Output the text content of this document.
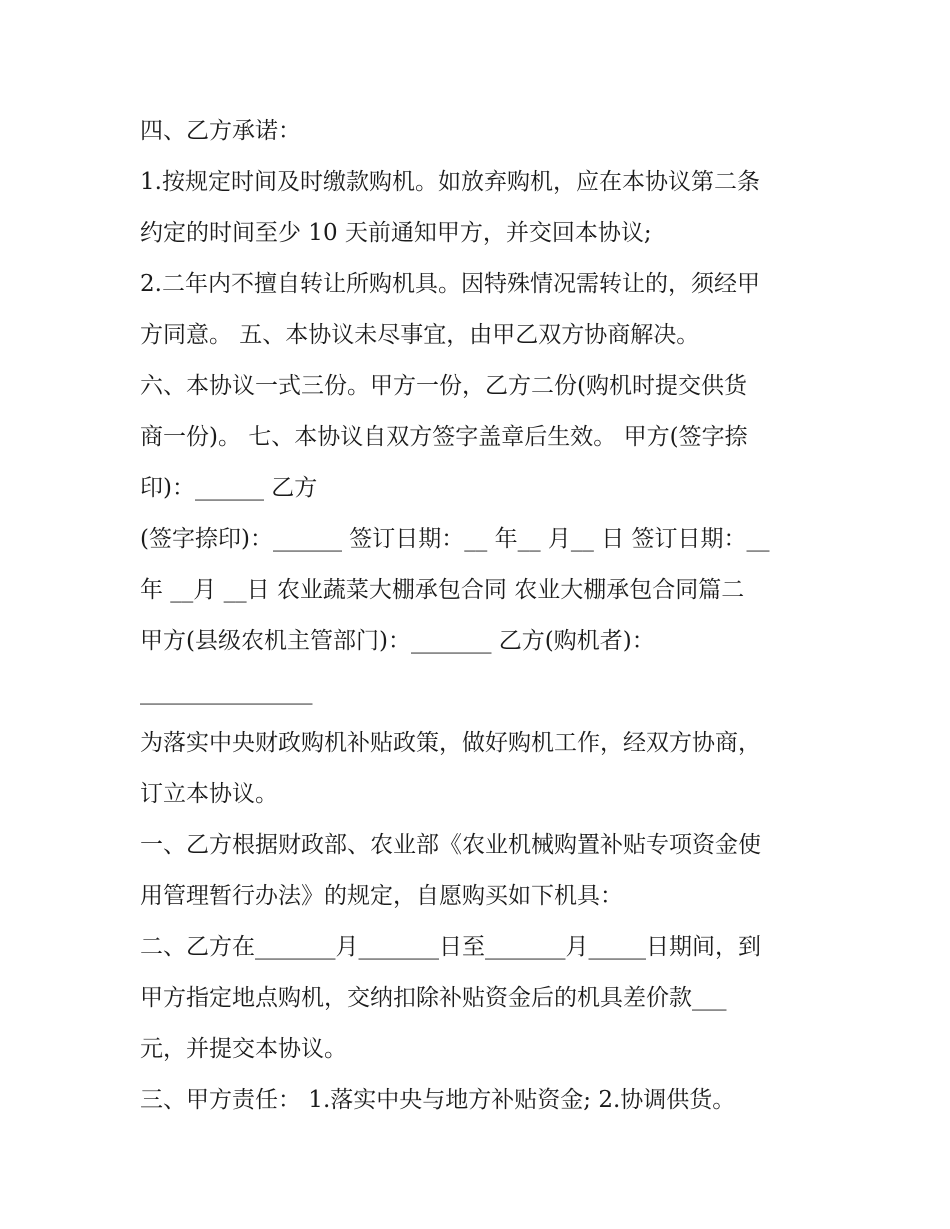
四、乙方承诺：
1.按规定时间及时缴款购机。如放弃购机，应在本协议第二条
约定的时间至少 10 天前通知甲方，并交回本协议;
2.二年内不擅自转让所购机具。因特殊情况需转让的，须经甲
方同意。 五、本协议未尽事宜，由甲乙双方协商解决。
六、本协议一式三份。甲方一份，乙方二份(购机时提交供货
商一份)。 七、本协议自双方签字盖章后生效。 甲方(签字捺
印)：______ 乙方
(签字捺印)：______ 签订日期：__ 年__ 月__ 日 签订日期：__
年 __月 __日 农业蔬菜大棚承包合同 农业大棚承包合同篇二
甲方(县级农机主管部门)：_______ 乙方(购机者)：
_______________
为落实中央财政购机补贴政策，做好购机工作，经双方协商，
订立本协议。
一、乙方根据财政部、农业部《农业机械购置补贴专项资金使
用管理暂行办法》的规定，自愿购买如下机具：
二、乙方在_______月_______日至_______月_____日期间，到
甲方指定地点购机，交纳扣除补贴资金后的机具差价款___
元，并提交本协议。
三、甲方责任： 1.落实中央与地方补贴资金; 2.协调供货。
